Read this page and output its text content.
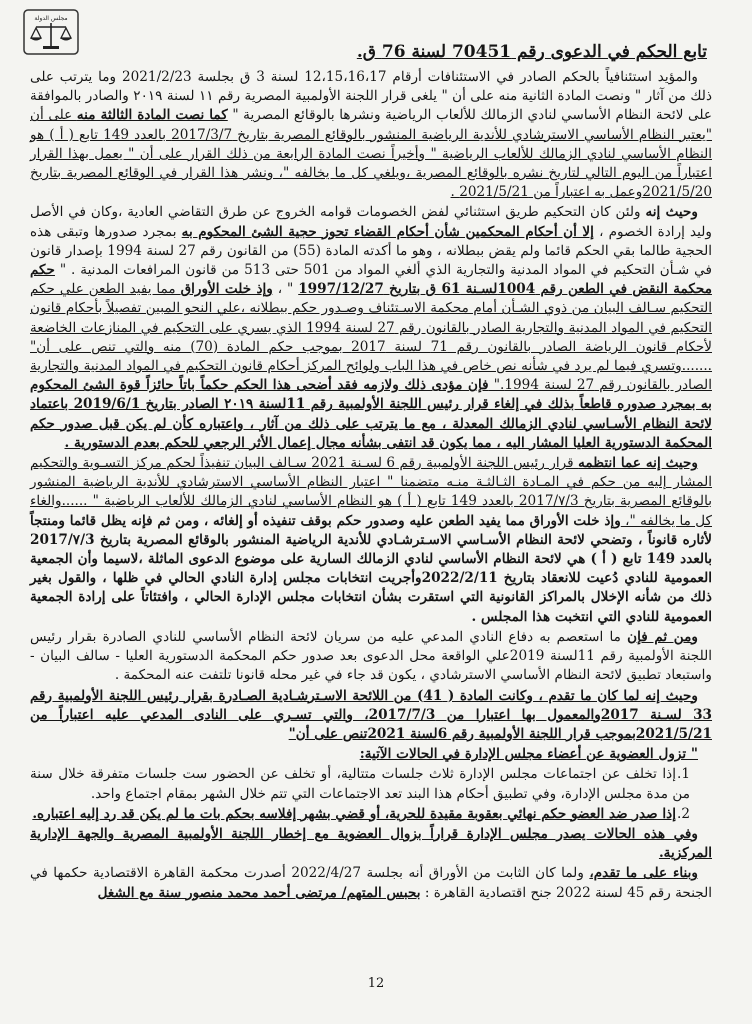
مجلس الدولة
تابع الحكم في الدعوى رقم 70451 لسنة 76 ق.

والمؤيد استئنافياً بالحكم الصادر في الاستئنافات أرقام 12،15،16،17 لسنة 3 ق بجلسة 2021/2/23 وما يترتب على ذلك من آثار " ونصت المادة الثانية منه على أن " يلغى قرار اللجنة الأولمبية المصرية رقم ١١ لسنة ٢٠١٩ والصادر بالموافقة على لائحة النظام الأساسي لنادي الزمالك للألعاب الرياضية ونشرها بالوقائع المصرية " كما نصت المادة الثالثة منه على أن "يعتبر النظام الأساسي الاسترشادي للأندية الرياضية المنشور بالوقائع المصرية بتاريخ 2017/3/7 بالعدد 149 تابع ( أ ) هو النظام الأساسي لنادي الزمالك للألعاب الرياضية " وأخيراً نصت المادة الرابعة من ذلك القرار على أن " يعمل بهذا القرار اعتباراً من اليوم التالي لتاريخ نشره بالوقائع المصرية ،ويلغي كل ما يخالفه "، ونشر هذا القرار في الوقائع المصرية بتاريخ 2021/5/20وعمل به اعتباراً من 2021/5/21 .

وحيث إنه ولئن كان التحكيم طريق استثنائي لفض الخصومات قوامه الخروج عن طرق التقاضي العادية ،وكان في الأصل وليد إرادة الخصوم ، إلا أن أحكام المحكمين شأن أحكام القضاء تحوز حجية الشئ المحكوم به بمجرد صدورها وتبقى هذه الحجية طالما بقي الحكم قائما ولم يقض ببطلانه ، وهو ما أكدته المادة (55) من القانون رقم 27 لسنة 1994 بإصدار قانون في شـأن التحكيم في المواد المدنية والتجارية الذي ألغي المواد من 501 حتى 513 من قانون المرافعات المدنية . " حكم محكمة النقض في الطعن رقم 1004لسـنة 61 ق بتاريخ 1997/12/27 " ، وإذ خلت الأوراق مما يفيد الطعن علي حكم التحكيم سـالف البيان من ذوي الشـأن أمام محكمة الاسـتئناف وصـدور حكم ببطلانه ،علي النحو المبين تفصيلاً بأحكام قانون التحكيم في المواد المدنية والتجارية الصادر بالقانون رقم 27 لسنة 1994 الذي يسري على التحكيم في المنازعات الخاضعة لأحكام قانون الرياضة الصادر بالقانون رقم 71 لسنة 2017 بموجب حكم المادة (70) منه والتي تنص على أن" .......وتسري فيما لم يرد في شأنه نص خاص في هذا الباب ولوائح المركز أحكام قانون التحكيم في المواد المدنية والتجارية الصادر بالقانون رقم 27 لسنة 1994." فإن مؤدى ذلك ولازمه فقد أضحى هذا الحكم حكماً باتاً حائزاً قوة الشئ المحكوم به بمجرد صدوره قاطعاً بذلك في إلغاء قرار رئيس اللجنة الأولمبية رقم 11لسنة ٢٠١٩ الصادر بتاريخ 2019/6/1 باعتماد لائحة النظام الأسـاسي لنادي الزمالك المعدلة ، مع ما يترتب على ذلك من آثار ، واعتباره كأن لم يكن قبل صدور حكم المحكمة الدستورية العليا المشار اليه ، مما يكون قد انتفى بشأنه مجال إعمال الأثر الرجعي للحكم بعدم الدستورية .

وحيث إنه عما انتظمه قرار رئيس اللجنة الأولمبية رقم 6 لسـنة 2021 سـالف البيان تنفيذاً لحكم مركز التسـوية والتحكيم المشار إليه من حكم في المـادة الثـالثـة منـه متضمنا " اعتبار النظام الأساسي الاسترشادي للأندية الرياضية المنشور بالوقائع المصرية بتاريخ 2017/٧/3 بالعدد 149 تابع ( أ ) هو النظام الأساسي لنادي الزمالك للألعاب الرياضية " ......والغاء كل ما يخالفه "، وإذ خلت الأوراق مما يفيد الطعن عليه وصدور حكم بوقف تنفيذه أو إلغائه ، ومن ثم فإنه يظل قائما ومنتجاً لأثاره قانوناً ، وتضحي لائحة النظام الأسـاسي الاسـترشـادي للأندية الرياضية المنشور بالوقائع المصرية بتاريخ 2017/٧/3 بالعدد 149 تابع ( أ ) هي لائحة النظام الأساسي لنادي الزمالك السارية على موضوع الدعوى الماثلة ،لاسيما وأن الجمعية العمومية للنادي دُعيت للانعقاد بتاريخ 2022/2/11وأجريت انتخابات مجلس إدارة النادي الحالي في ظلها ، والقول بغير ذلك من شأنه الإخلال بالمراكز القانونية التي استقرت بشأن انتخابات مجلس الإدارة الحالي ، وافتئاتاً على إرادة الجمعية العمومية للنادي التي انتخبت هذا المجلس .

ومن ثم فإن ما استعصم به دفاع النادي المدعي عليه من سريان لائحة النظام الأساسي للنادي الصادرة بقرار رئيس اللجنة الأولمبية رقم 11لسنة 2019علي الواقعة محل الدعوى بعد صدور حكم المحكمة الدستورية العليا - سالف البيان - واستبعاد تطبيق لائحة النظام الأساسي الاسترشادي ، يكون قد جاء في غير محله قانونا تلتفت عنه المحكمة .

وحيث إنه لما كان ما تقدم ، وكانت المادة ( 41) من اللائحة الاسـترشـادية الصـادرة بقرار رئيس اللجنة الأولمبية رقم 33 لسـنة 2017والمعمول بها اعتبارا من 2017/7/3، والتي تسـري على النادى المدعي عليه اعتباراً من 2021/5/21بموجب قرار اللجنة الأولمبية رقم 6لسنة 2021تنص على أن"

" تزول العضوية عن أعضاء مجلس الإدارة في الحالات الآتية:

1.إذا تخلف عن اجتماعات مجلس الإدارة ثلاث جلسات متتالية، أو تخلف عن الحضور ست جلسات متفرقة خلال سنة من مدة مجلس الإدارة، وفي تطبيق أحكام هذا البند تعد الاجتماعات التي تتم خلال الشهر بمقام اجتماع واحد.
2.إذا صدر ضد العضو حكم نهائي بعقوبة مقيدة للحرية، أو قضي بشهر إفلاسه بحكم بات ما لم يكن قد رد إليه اعتباره.

وفي هذه الحالات يصدر مجلس الإدارة قراراً بزوال العضوية مع إخطار اللجنة الأولمبية المصرية والجهة الإدارية المركزية.

وبناء على ما تقدم، ولما كان الثابت من الأوراق أنه بجلسة 2022/4/27 أصدرت محكمة القاهرة الاقتصادية حكمها في الجنحة رقم 45 لسنة 2022 جنح اقتصادية القاهرة : بحبس المتهم/ مرتضى أحمد محمد منصور سنة مع الشغل

12
